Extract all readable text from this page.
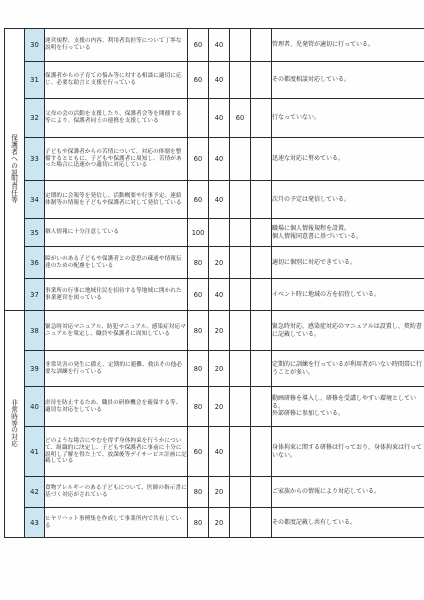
保護者への説明責任等	30	運営規程、支援の内容、利用者負担等について丁寧な説明を行っている	60	40			管理者、児発管が適切に行っている。
	31	保護者からの子育ての悩み等に対する相談に適切に応じ、必要な助言と支援を行っている	60	40			その都度相談対応している。
	32	父母の会の活動を支援したり、保護者会等を開催する等により、保護者同士の連携を支援している		40	60		行なっていない。
	33	子どもや保護者からの苦情について、対応の体制を整備するとともに、子どもや保護者に周知し、苦情があった場合に迅速かつ適切に対応している	60	40			迅速な対応に努めている。
	34	定期的に会報等を発信し、活動概要や行事予定、連絡体制等の情報を子どもや保護者に対して発信している	60	40			次月の予定は発信している。
	35	個人情報に十分注意している	100				職場に個人情報規程を設置。
個人情報同意書に基づいている。
	36	障がいのある子どもや保護者との意思の疎通や情報伝達のための配慮をしている	80	20			適切に個別に対応できている。
	37	事業所の行事に地域住民を招待する等地域に開かれた事業運営を図っている	60	40			イベント時に地域の方を招待している。
非常時等の対応	38	緊急時対応マニュアル、防犯マニュアル、感染症対応マニュアルを策定し、職員や保護者に周知している	80	20			緊急時対応、感染症対応のマニュアルは設置し、契約書に記載している。
	39	非常災害の発生に備え、定期的に避難、救出その他必要な訓練を行っている	80	20			定期的に訓練を行っているが利用者がいない時間帯に行うことが多い。
	40	虐待を防止するため、職員の研修機会を確保する等、適切な対応をしている	80	20			動画研修を導入し、研修を受講しやすい環境としている。
外部研修に参加している。
	41	どのような場合にやむを得ず身体拘束を行うかについて、組織的に決定し、子どもや保護者に事前に十分に説明し了解を得た上で、放課後等デイサービス計画に記載している	60	40			身体拘束に関する研修は行っており、身体拘束は行っていない。
	42	食物アレルギーのある子どもについて、医師の指示書に基づく対応がされている	80	20			ご家族からの情報により対応している。
	43	ヒヤリハット事例集を作成して事業所内で共有している	80	20			その都度記載し共有している。
